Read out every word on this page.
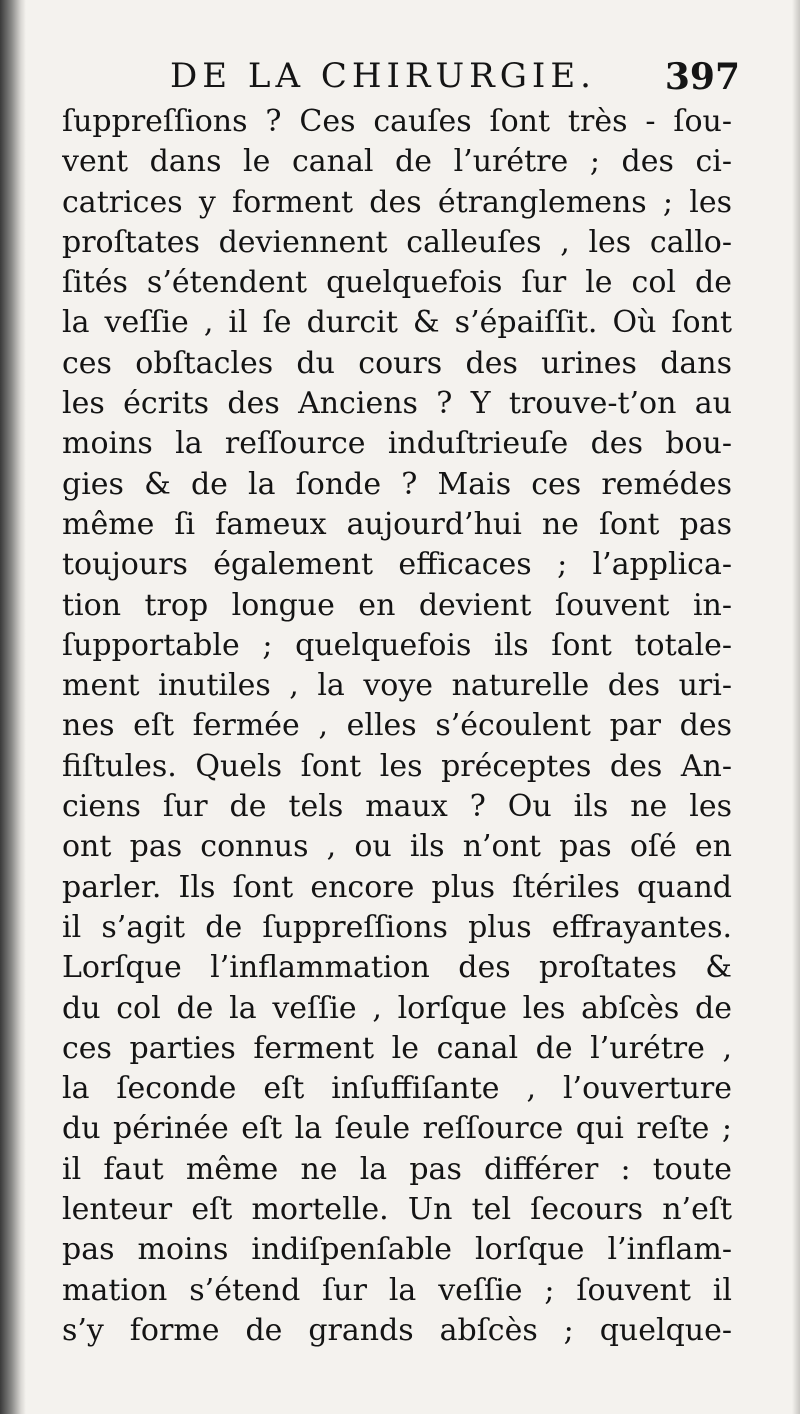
DE LA CHIRURGIE. 397
ſuppreſſions ? Ces cauſes ſont très - ſou-
vent dans le canal de l’urétre ; des ci-
catrices y forment des étranglemens ; les
proſtates deviennent calleuſes , les callo-
ſités s’étendent quelquefois ſur le col de
la veſſie , il ſe durcit & s’épaiſſit. Où ſont
ces obſtacles du cours des urines dans
les écrits des Anciens ? Y trouve-t’on au
moins la reſſource induſtrieuſe des bou-
gies & de la ſonde ? Mais ces remédes
même ſi fameux aujourd’hui ne ſont pas
toujours également efficaces ; l’applica-
tion trop longue en devient ſouvent in-
ſupportable ; quelquefois ils ſont totale-
ment inutiles , la voye naturelle des uri-
nes eſt fermée , elles s’écoulent par des
fiſtules. Quels ſont les préceptes des An-
ciens ſur de tels maux ? Ou ils ne les
ont pas connus , ou ils n’ont pas oſé en
parler. Ils ſont encore plus ſtériles quand
il s’agit de ſuppreſſions plus effrayantes.
Lorſque l’inflammation des proſtates &
du col de la veſſie , lorſque les abſcès de
ces parties ferment le canal de l’urétre ,
la ſeconde eſt inſuffiſante , l’ouverture
du périnée eſt la ſeule reſſource qui reſte ;
il faut même ne la pas différer : toute
lenteur eſt mortelle. Un tel ſecours n’eſt
pas moins indiſpenſable lorſque l’inflam-
mation s’étend ſur la veſſie ; ſouvent il
s’y forme de grands abſcès ; quelque-
